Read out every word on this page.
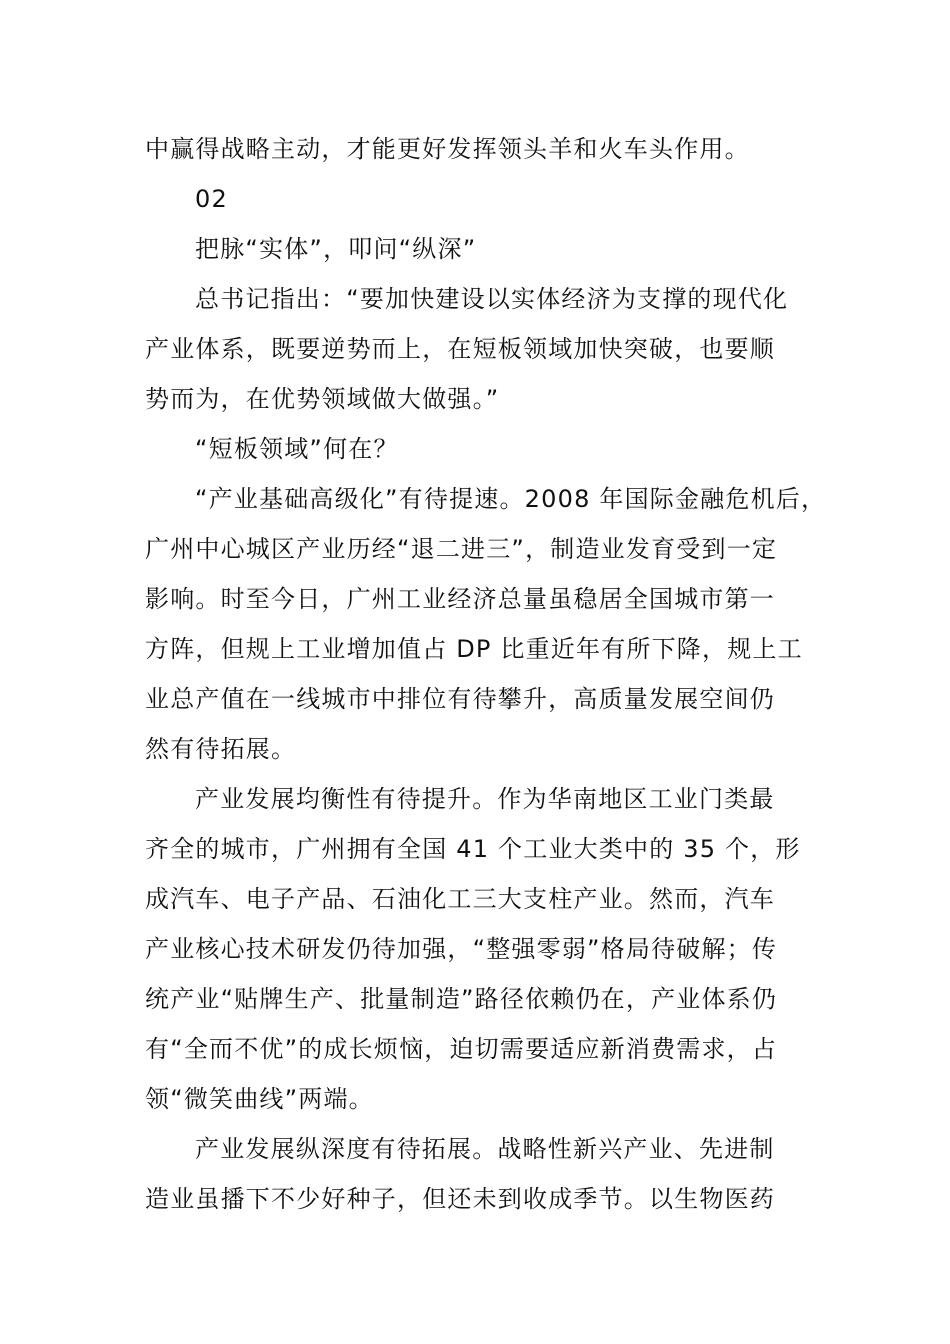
中赢得战略主动，才能更好发挥领头羊和火车头作用。
02
把脉“实体”，叩问“纵深”
总书记指出：“要加快建设以实体经济为支撑的现代化
产业体系，既要逆势而上，在短板领域加快突破，也要顺
势而为，在优势领域做大做强。”
“短板领域”何在？
“产业基础高级化”有待提速。2008 年国际金融危机后，
广州中心城区产业历经“退二进三”，制造业发育受到一定
影响。时至今日，广州工业经济总量虽稳居全国城市第一
方阵，但规上工业增加值占 DP 比重近年有所下降，规上工
业总产值在一线城市中排位有待攀升，高质量发展空间仍
然有待拓展。
产业发展均衡性有待提升。作为华南地区工业门类最
齐全的城市，广州拥有全国 41 个工业大类中的 35 个，形
成汽车、电子产品、石油化工三大支柱产业。然而，汽车
产业核心技术研发仍待加强，“整强零弱”格局待破解；传
统产业“贴牌生产、批量制造”路径依赖仍在，产业体系仍
有“全而不优”的成长烦恼，迫切需要适应新消费需求，占
领“微笑曲线”两端。
产业发展纵深度有待拓展。战略性新兴产业、先进制
造业虽播下不少好种子，但还未到收成季节。以生物医药
